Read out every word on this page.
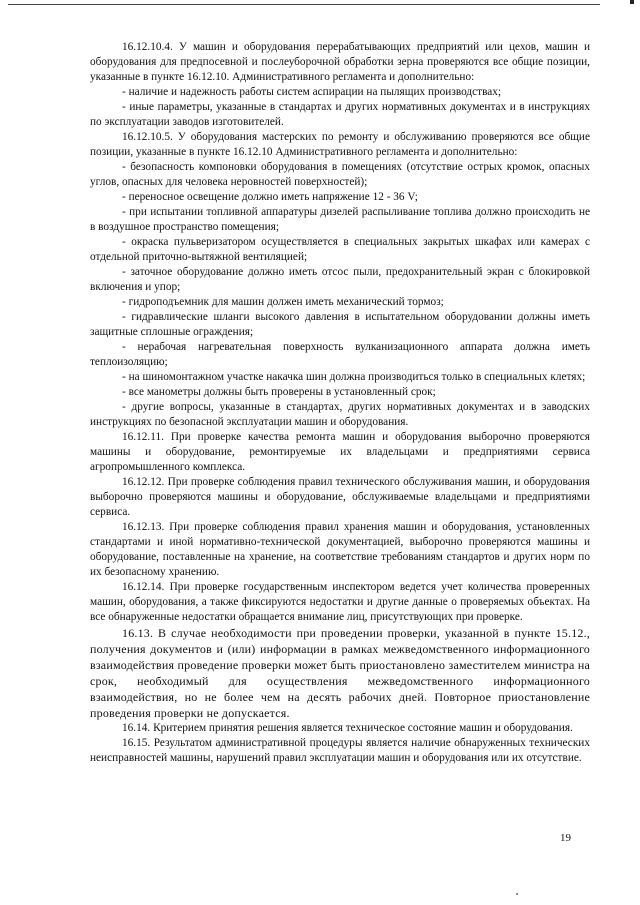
16.12.10.4. У машин и оборудования перерабатывающих предприятий или цехов, машин и оборудования для предпосевной и послеуборочной обработки зерна проверяются все общие позиции, указанные в пункте 16.12.10. Административного регламента и дополнительно:

- наличие и надежность работы систем аспирации на пылящих производствах;

- иные параметры, указанные в стандартах и других нормативных документах и в инструкциях по эксплуатации заводов изготовителей.

16.12.10.5. У оборудования мастерских по ремонту и обслуживанию проверяются все общие позиции, указанные в пункте 16.12.10 Административного регламента и дополнительно:

- безопасность компоновки оборудования в помещениях (отсутствие острых кромок, опасных углов, опасных для человека неровностей поверхностей);

- переносное освещение должно иметь напряжение 12 - 36 V;

- при испытании топливной аппаратуры дизелей распыливание топлива должно происходить не в воздушное пространство помещения;

- окраска пульверизатором осуществляется в специальных закрытых шкафах или камерах с отдельной приточно-вытяжной вентиляцией;

- заточное оборудование должно иметь отсос пыли, предохранительный экран с блокировкой включения и упор;

- гидроподъемник для машин должен иметь механический тормоз;

- гидравлические шланги высокого давления в испытательном оборудовании должны иметь защитные сплошные ограждения;

- нерабочая нагревательная поверхность вулканизационного аппарата должна иметь теплоизоляцию;

- на шиномонтажном участке накачка шин должна производиться только в специальных клетях;

- все манометры должны быть проверены в установленный срок;

- другие вопросы, указанные в стандартах, других нормативных документах и в заводских инструкциях по безопасной эксплуатации машин и оборудования.

16.12.11. При проверке качества ремонта машин и оборудования выборочно проверяются машины и оборудование, ремонтируемые их владельцами и предприятиями сервиса агропромышленного комплекса.

16.12.12. При проверке соблюдения правил технического обслуживания машин, и оборудования выборочно проверяются машины и оборудование, обслуживаемые владельцами и предприятиями сервиса.

16.12.13. При проверке соблюдения правил хранения машин и оборудования, установленных стандартами и иной нормативно-технической документацией, выборочно проверяются машины и оборудование, поставленные на хранение, на соответствие требованиям стандартов и других норм по их безопасному хранению.

16.12.14. При проверке государственным инспектором ведется учет количества проверенных машин, оборудования, а также фиксируются недостатки и другие данные о проверяемых объектах. На все обнаруженные недостатки обращается внимание лиц, присутствующих при проверке.

16.13. В случае необходимости при проведении проверки, указанной в пункте 15.12., получения документов и (или) информации в рамках межведомственного информационного взаимодействия проведение проверки может быть приостановлено заместителем министра на срок, необходимый для осуществления межведомственного информационного взаимодействия, но не более чем на десять рабочих дней. Повторное приостановление проведения проверки не допускается.

16.14. Критерием принятия решения является техническое состояние машин и оборудования.

16.15. Результатом административной процедуры является наличие обнаруженных технических неисправностей машины, нарушений правил эксплуатации машин и оборудования или их отсутствие.

19
